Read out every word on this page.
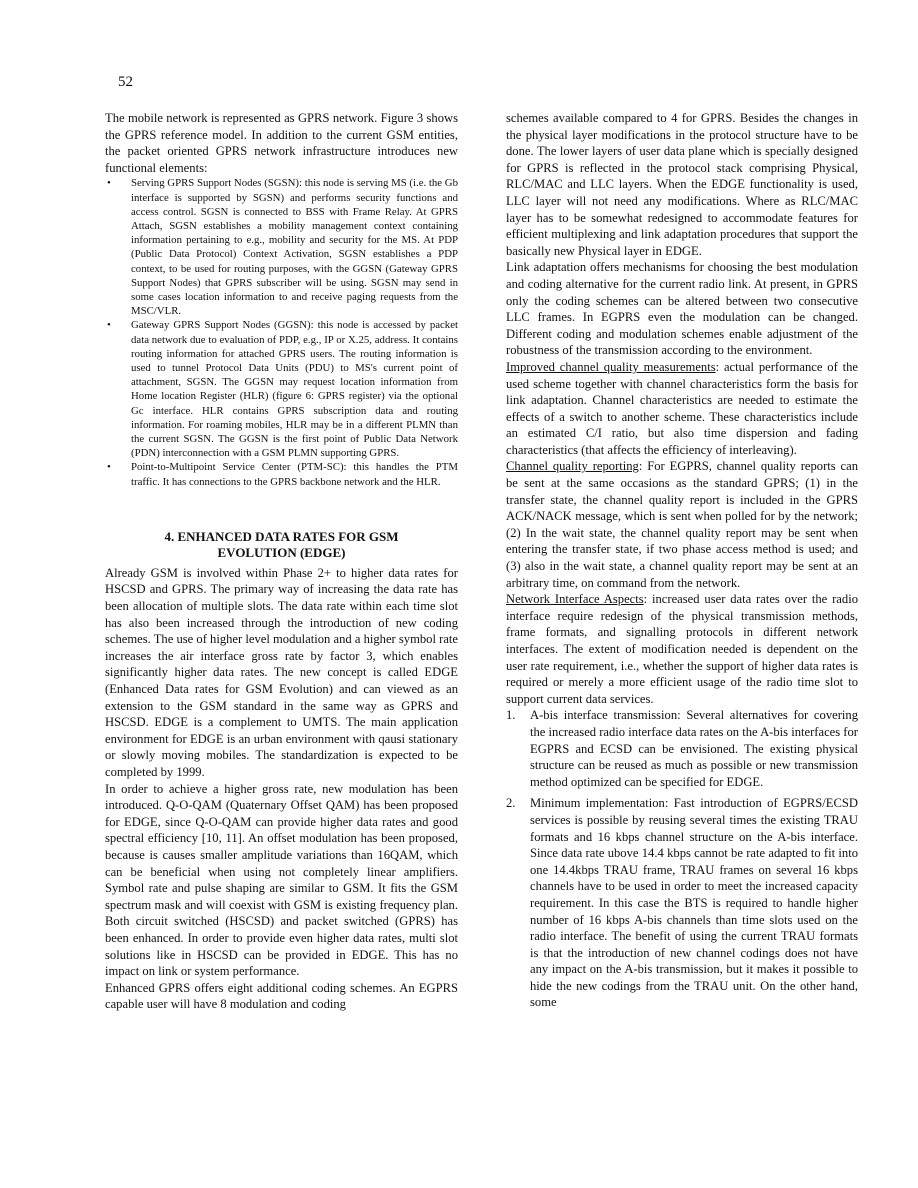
52

The mobile network is represented as GPRS network. Figure 3 shows the GPRS reference model. In addition to the current GSM entities, the packet oriented GPRS network infrastructure introduces new functional elements:

• Serving GPRS Support Nodes (SGSN): this node is serving MS (i.e. the Gb interface is supported by SGSN) and performs security functions and access control. SGSN is connected to BSS with Frame Relay. At GPRS Attach, SGSN establishes a mobility management context containing information pertaining to e.g., mobility and security for the MS. At PDP (Public Data Protocol) Context Activation, SGSN establishes a PDP context, to be used for routing purposes, with the GGSN (Gateway GPRS Support Nodes) that GPRS subscriber will be using. SGSN may send in some cases location information to and receive paging requests from the MSC/VLR.
• Gateway GPRS Support Nodes (GGSN): this node is accessed by packet data network due to evaluation of PDP, e.g., IP or X.25, address. It contains routing information for attached GPRS users. The routing information is used to tunnel Protocol Data Units (PDU) to MS's current point of attachment, SGSN. The GGSN may request location information from Home location Register (HLR) (figure 6: GPRS register) via the optional Gc interface. HLR contains GPRS subscription data and routing information. For roaming mobiles, HLR may be in a different PLMN than the current SGSN. The GGSN is the first point of Public Data Network (PDN) interconnection with a GSM PLMN supporting GPRS.
• Point-to-Multipoint Service Center (PTM-SC): this handles the PTM traffic. It has connections to the GPRS backbone network and the HLR.
4. ENHANCED DATA RATES FOR GSM
EVOLUTION (EDGE)

Already GSM is involved within Phase 2+ to higher data rates for HSCSD and GPRS. The primary way of increasing the data rate has been allocation of multiple slots. The data rate within each time slot has also been increased through the introduction of new coding schemes. The use of higher level modulation and a higher symbol rate increases the air interface gross rate by factor 3, which enables significantly higher data rates. The new concept is called EDGE (Enhanced Data rates for GSM Evolution) and can viewed as an extension to the GSM standard in the same way as GPRS and HSCSD. EDGE is a complement to UMTS. The main application environment for EDGE is an urban environment with qausi stationary or slowly moving mobiles. The standardization is expected to be completed by 1999.

In order to achieve a higher gross rate, new modulation has been introduced. Q-O-QAM (Quaternary Offset QAM) has been proposed for EDGE, since Q-O-QAM can provide higher data rates and good spectral efficiency [10, 11]. An offset modulation has been proposed, because is causes smaller amplitude variations than 16QAM, which can be beneficial when using not completely linear amplifiers. Symbol rate and pulse shaping are similar to GSM. It fits the GSM spectrum mask and will coexist with GSM is existing frequency plan. Both circuit switched (HSCSD) and packet switched (GPRS) has been enhanced. In order to provide even higher data rates, multi slot solutions like in HSCSD can be provided in EDGE. This has no impact on link or system performance.

Enhanced GPRS offers eight additional coding schemes. An EGPRS capable user will have 8 modulation and coding

schemes available compared to 4 for GPRS. Besides the changes in the physical layer modifications in the protocol structure have to be done. The lower layers of user data plane which is specially designed for GPRS is reflected in the protocol stack comprising Physical, RLC/MAC and LLC layers. When the EDGE functionality is used, LLC layer will not need any modifications. Where as RLC/MAC layer has to be somewhat redesigned to accommodate features for efficient multiplexing and link adaptation procedures that support the basically new Physical layer in EDGE.

Link adaptation offers mechanisms for choosing the best modulation and coding alternative for the current radio link. At present, in GPRS only the coding schemes can be altered between two consecutive LLC frames. In EGPRS even the modulation can be changed. Different coding and modulation schemes enable adjustment of the robustness of the transmission according to the environment.

Improved channel quality measurements: actual performance of the used scheme together with channel characteristics form the basis for link adaptation. Channel characteristics are needed to estimate the effects of a switch to another scheme. These characteristics include an estimated C/I ratio, but also time dispersion and fading characteristics (that affects the efficiency of interleaving).

Channel quality reporting: For EGPRS, channel quality reports can be sent at the same occasions as the standard GPRS; (1) in the transfer state, the channel quality report is included in the GPRS ACK/NACK message, which is sent when polled for by the network; (2) In the wait state, the channel quality report may be sent when entering the transfer state, if two phase access method is used; and (3) also in the wait state, a channel quality report may be sent at an arbitrary time, on command from the network.

Network Interface Aspects: increased user data rates over the radio interface require redesign of the physical transmission methods, frame formats, and signalling protocols in different network interfaces. The extent of modification needed is dependent on the user rate requirement, i.e., whether the support of higher data rates is required or merely a more efficient usage of the radio time slot to support current data services.

1. A-bis interface transmission: Several alternatives for covering the increased radio interface data rates on the A-bis interfaces for EGPRS and ECSD can be envisioned. The existing physical structure can be reused as much as possible or new transmission method optimized can be specified for EDGE.
2. Minimum implementation: Fast introduction of EGPRS/ECSD services is possible by reusing several times the existing TRAU formats and 16 kbps channel structure on the A-bis interface. Since data rate ubove 14.4 kbps cannot be rate adapted to fit into one 14.4kbps TRAU frame, TRAU frames on several 16 kbps channels have to be used in order to meet the increased capacity requirement. In this case the BTS is required to handle higher number of 16 kbps A-bis channels than time slots used on the radio interface. The benefit of using the current TRAU formats is that the introduction of new channel codings does not have any impact on the A-bis transmission, but it makes it possible to hide the new codings from the TRAU unit. On the other hand, some
